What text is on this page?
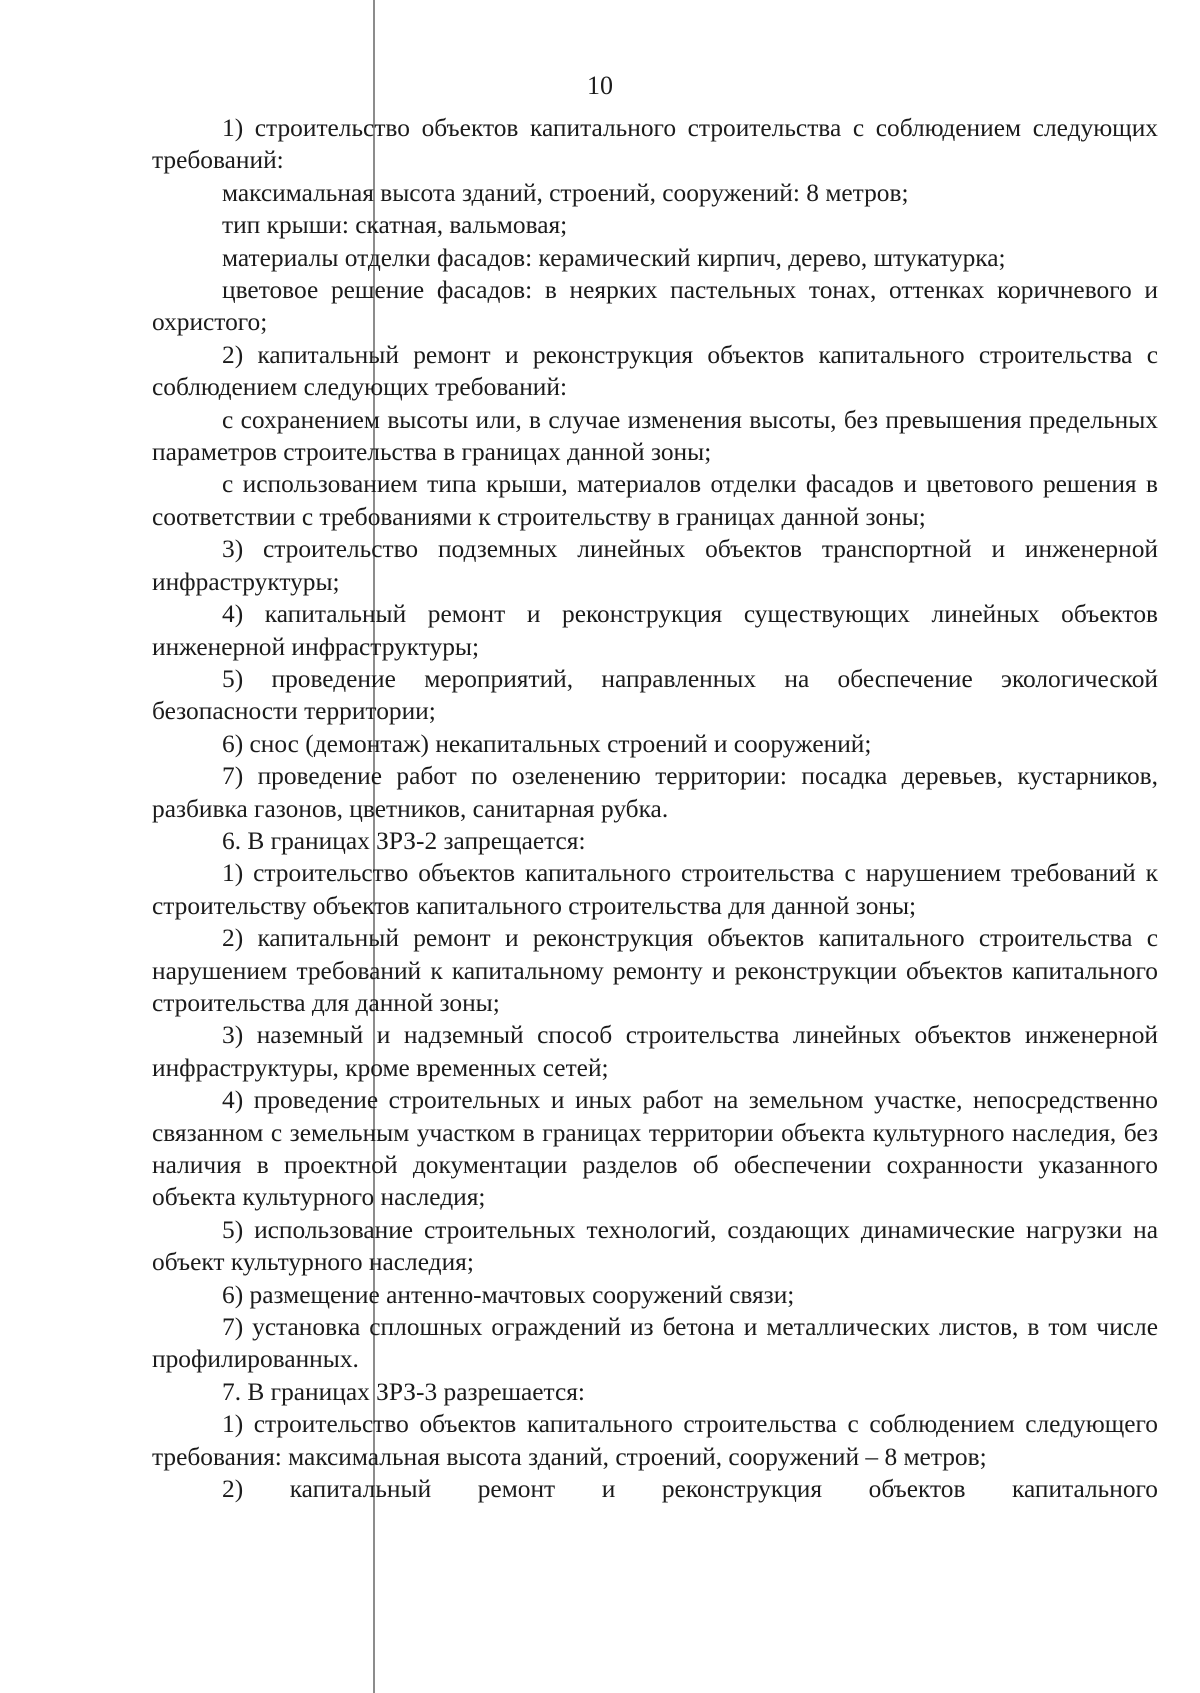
10

1) строительство объектов капитального строительства с соблюдением следующих требований:

максимальная высота зданий, строений, сооружений: 8 метров;

тип крыши: скатная, вальмовая;

материалы отделки фасадов: керамический кирпич, дерево, штукатурка;

цветовое решение фасадов: в неярких пастельных тонах, оттенках коричневого и охристого;

2) капитальный ремонт и реконструкция объектов капитального строительства с соблюдением следующих требований:

с сохранением высоты или, в случае изменения высоты, без превышения предельных параметров строительства в границах данной зоны;

с использованием типа крыши, материалов отделки фасадов и цветового решения в соответствии с требованиями к строительству в границах данной зоны;

3) строительство подземных линейных объектов транспортной и инженерной инфраструктуры;

4) капитальный ремонт и реконструкция существующих линейных объектов инженерной инфраструктуры;

5) проведение мероприятий, направленных на обеспечение экологической безопасности территории;

6) снос (демонтаж) некапитальных строений и сооружений;

7) проведение работ по озеленению территории: посадка деревьев, кустарников, разбивка газонов, цветников, санитарная рубка.

6. В границах ЗРЗ-2 запрещается:

1) строительство объектов капитального строительства с нарушением требований к строительству объектов капитального строительства для данной зоны;

2) капитальный ремонт и реконструкция объектов капитального строительства с нарушением требований к капитальному ремонту и реконструкции объектов капитального строительства для данной зоны;

3) наземный и надземный способ строительства линейных объектов инженерной инфраструктуры, кроме временных сетей;

4) проведение строительных и иных работ на земельном участке, непосредственно связанном с земельным участком в границах территории объекта культурного наследия, без наличия в проектной документации разделов об обеспечении сохранности указанного объекта культурного наследия;

5) использование строительных технологий, создающих динамические нагрузки на объект культурного наследия;

6) размещение антенно-мачтовых сооружений связи;

7) установка сплошных ограждений из бетона и металлических листов, в том числе профилированных.

7. В границах ЗРЗ-3 разрешается:

1) строительство объектов капитального строительства с соблюдением следующего требования: максимальная высота зданий, строений, сооружений – 8 метров;

2) капитальный ремонт и реконструкция объектов капитального
